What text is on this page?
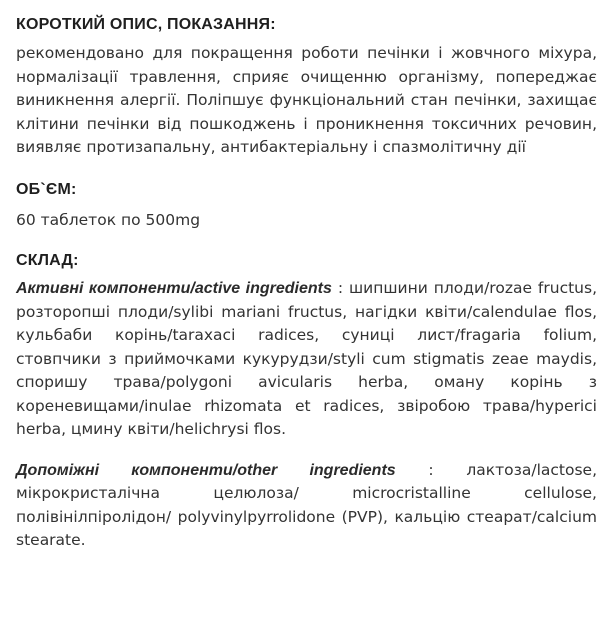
КОРОТКИЙ ОПИС, ПОКАЗАННЯ:

рекомендовано для покращення роботи печінки і жовчного міхура, нормалізації травлення, сприяє очищенню організму, попереджає виникнення алергії. Поліпшує функціональний стан печінки, захищає клітини печінки від пошкоджень і проникнення токсичних речовин, виявляє протизапальну, антибактеріальну і спазмолітичну дії

ОБ`ЄМ:

60 таблеток по 500mg

СКЛАД:

Активні компоненти/active ingredients : шипшини плоди/rozae fructus, розторопші плоди/sylibi mariani fructus, нагідки квіти/calendulae flos, кульбаби корінь/taraxaci radices, суниці лист/fragaria folium, стовпчики з приймочками кукурудзи/styli cum stigmatis zeae maydis, споришу трава/polygoni avicularis herba, оману корінь з кореневищами/inulae rhizomata et radices, звіробою трава/hyperici herba, цмину квіти/helichrysi flos.

Допоміжні компоненти/other ingredients : лактоза/lactose, мікрокристалічна целюлоза/ microcristalline cellulose, полівінілпіролідон/ polyvinylpyrrolidone (PVP), кальцію стеарат/calcium stearate.
